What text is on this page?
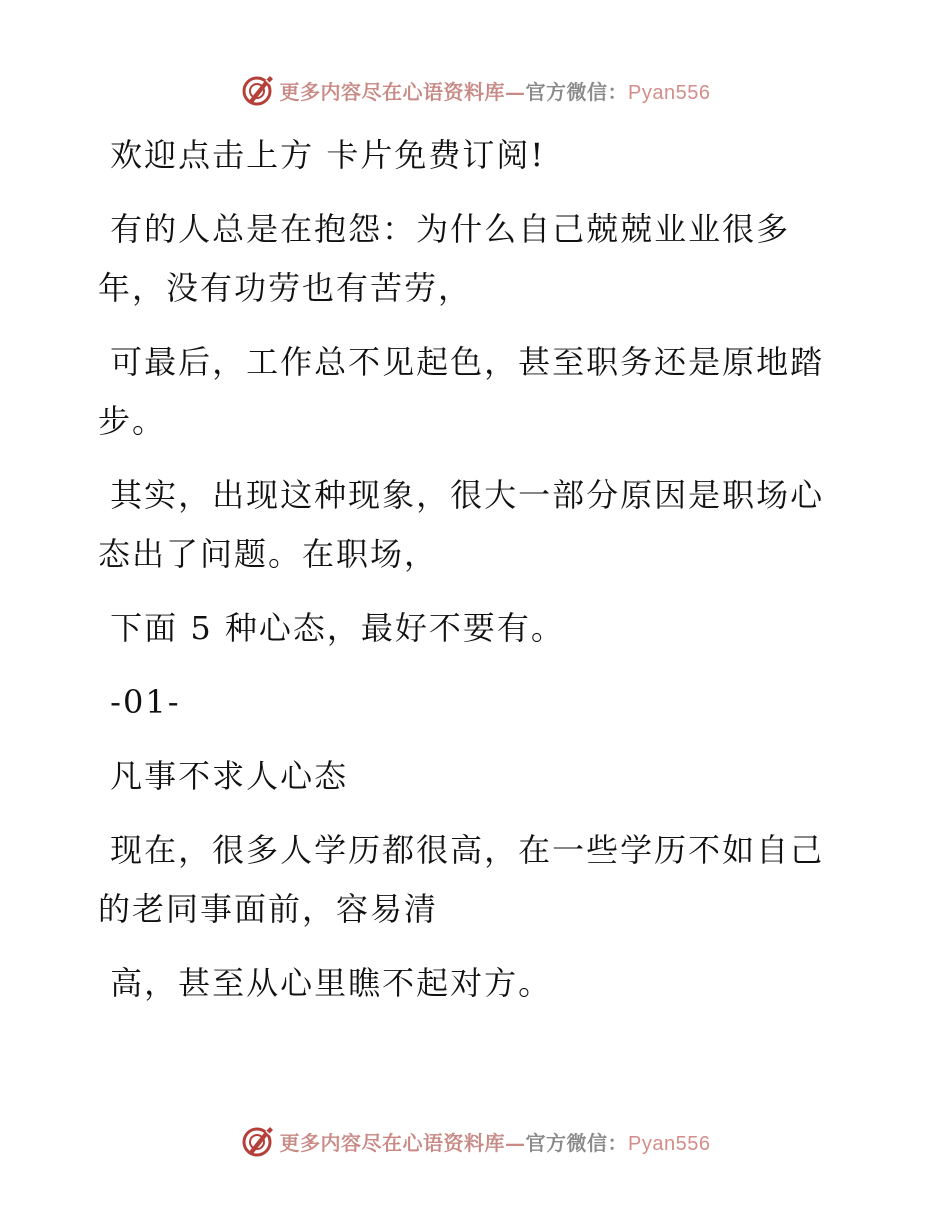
更多内容尽在心语资料库—官方微信：Pyan556

欢迎点击上方 卡片免费订阅!

有的人总是在抱怨：为什么自己兢兢业业很多年，没有功劳也有苦劳，

可最后，工作总不见起色，甚至职务还是原地踏步。

其实，出现这种现象，很大一部分原因是职场心态出了问题。在职场，

下面 5 种心态，最好不要有。

-01-

凡事不求人心态

现在，很多人学历都很高，在一些学历不如自己的老同事面前，容易清

高，甚至从心里瞧不起对方。

更多内容尽在心语资料库—官方微信：Pyan556
